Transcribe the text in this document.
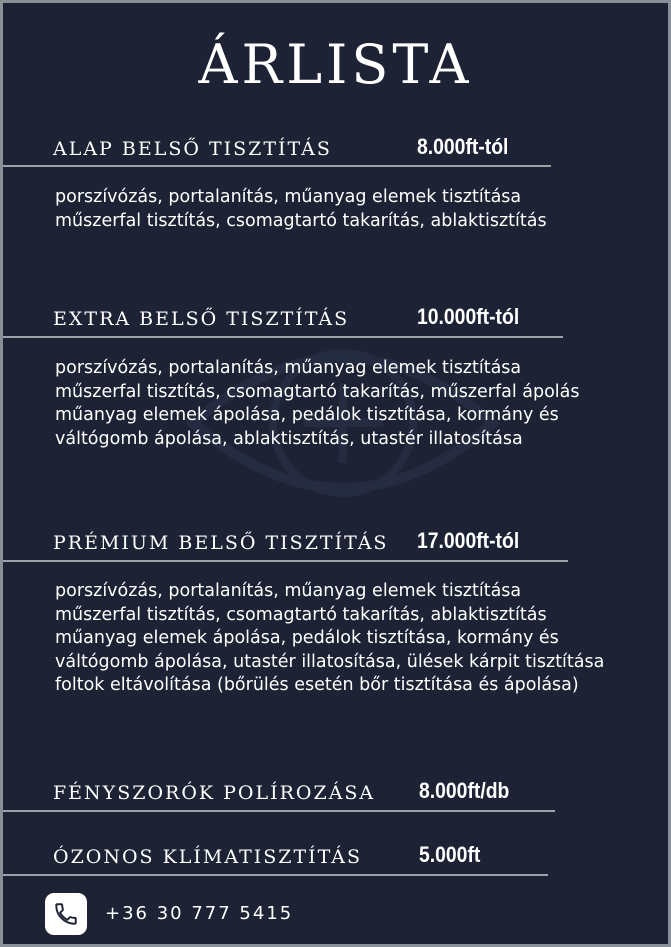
ÁRLISTA
ALAP BELSŐ TISZTÍTÁS	8.000ft-tól
porszívózás, portalanítás, műanyag elemek tisztítása
műszerfal tisztítás, csomagtartó takarítás, ablaktisztítás
EXTRA BELSŐ TISZTÍTÁS	10.000ft-tól
porszívózás, portalanítás, műanyag elemek tisztítása
műszerfal tisztítás, csomagtartó takarítás, műszerfal ápolás
műanyag elemek ápolása, pedálok tisztítása, kormány és
váltógomb ápolása, ablaktisztítás, utastér illatosítása
PRÉMIUM BELSŐ TISZTÍTÁS 17.000ft-tól
porszívózás, portalanítás, műanyag elemek tisztítása
műszerfal tisztítás, csomagtartó takarítás, ablaktisztítás
műanyag elemek ápolása, pedálok tisztítása, kormány és
váltógomb ápolása, utastér illatosítása, ülések kárpit tisztítása
foltok eltávolítása (bőrülés esetén bőr tisztítása és ápolása)
FÉNYSZORÓK POLÍROZÁSA 8.000ft/db
ÓZONOS KLÍMATISZTÍTÁS	5.000ft
+36 30 777 5415
